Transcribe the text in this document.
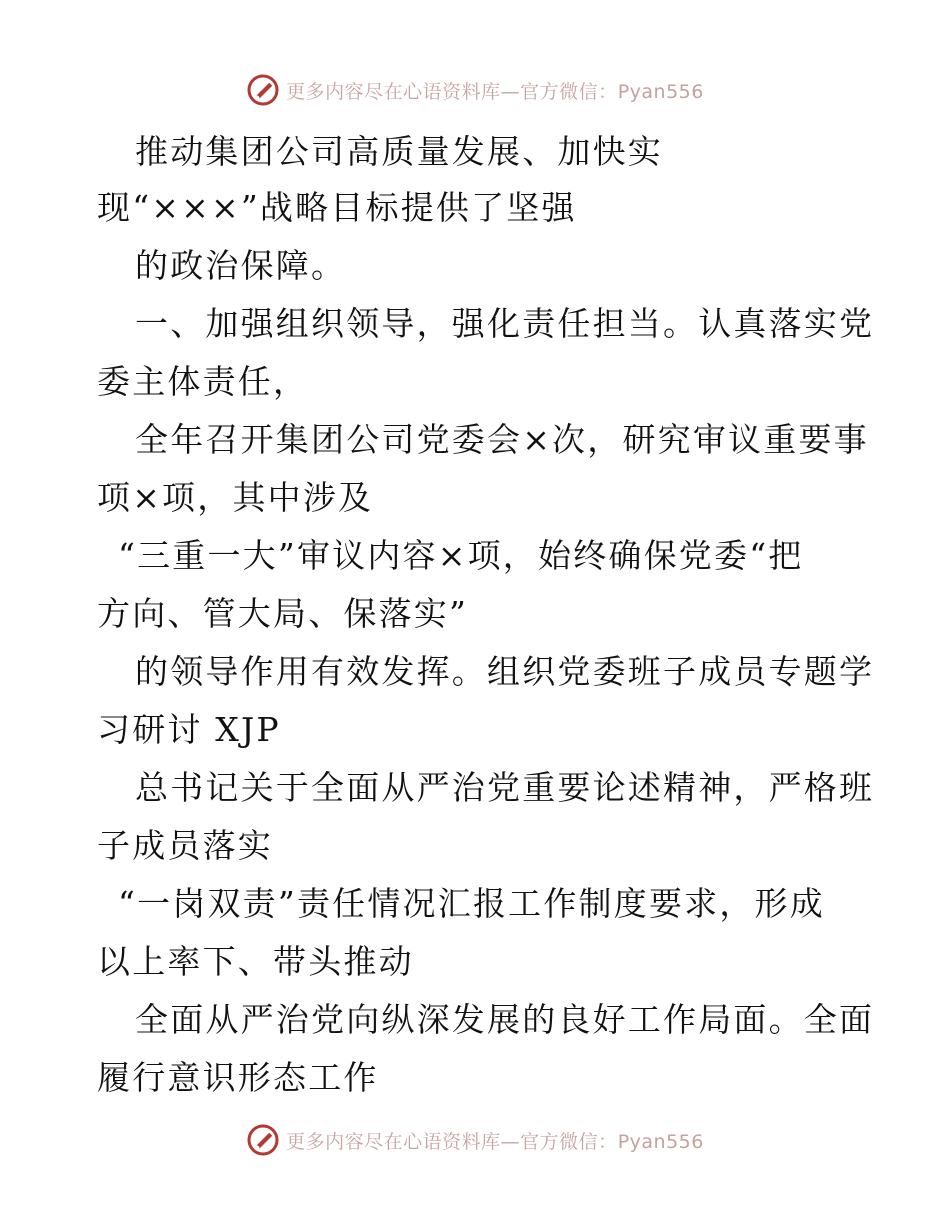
更多内容尽在心语资料库—官方微信：Pyan556
推动集团公司高质量发展、加快实
现“×××”战略目标提供了坚强
的政治保障。
一、加强组织领导，强化责任担当。认真落实党
委主体责任，
全年召开集团公司党委会×次，研究审议重要事
项×项，其中涉及
“三重一大”审议内容×项，始终确保党委“把
方向、管大局、保落实”
的领导作用有效发挥。组织党委班子成员专题学
习研讨 XJP
总书记关于全面从严治党重要论述精神，严格班
子成员落实
“一岗双责”责任情况汇报工作制度要求，形成
以上率下、带头推动
全面从严治党向纵深发展的良好工作局面。全面
履行意识形态工作
更多内容尽在心语资料库—官方微信：Pyan556
